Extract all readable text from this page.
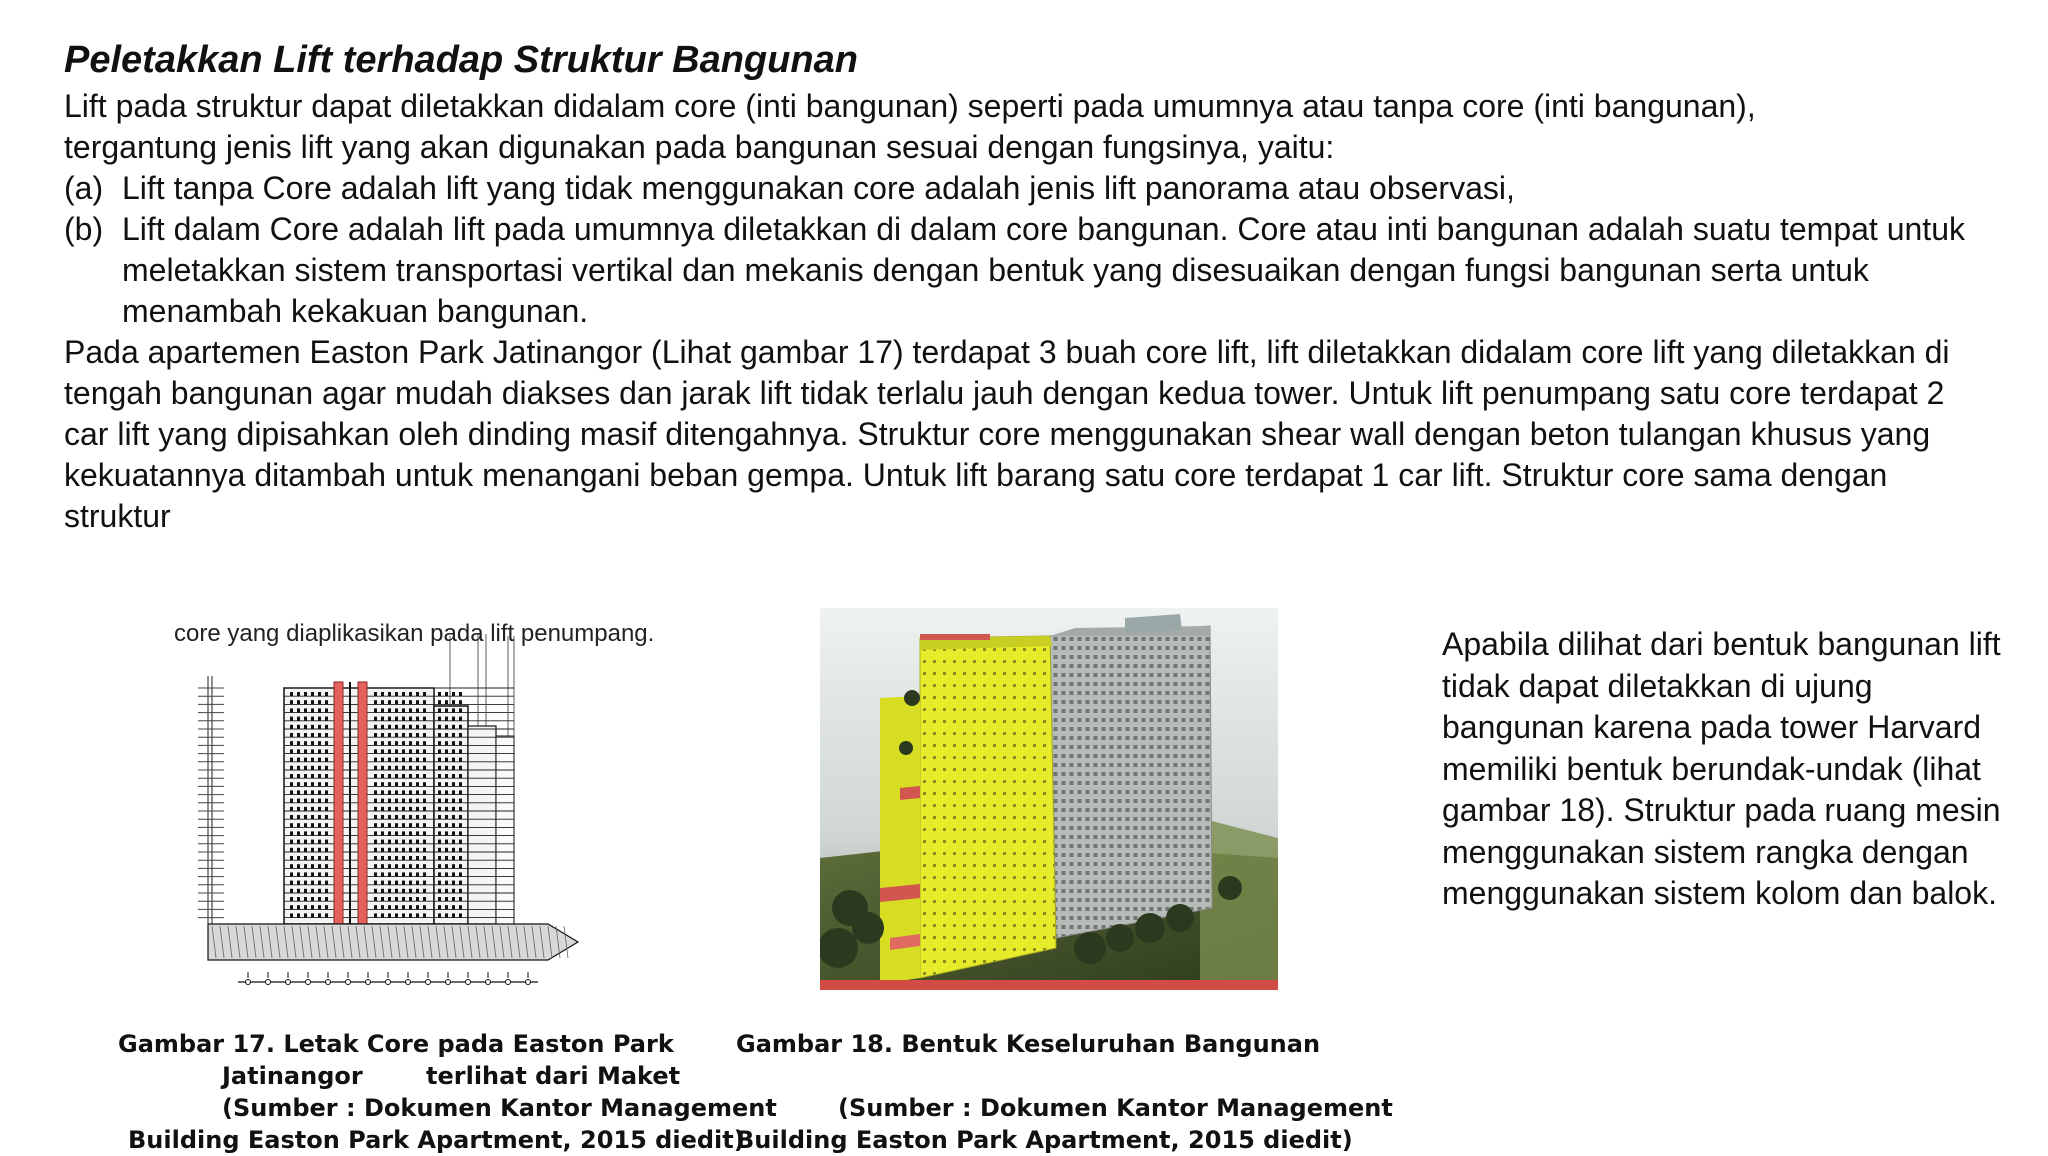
Peletakkan Lift terhadap Struktur Bangunan

Lift pada struktur dapat diletakkan didalam core (inti bangunan) seperti pada umumnya atau tanpa core (inti bangunan),

tergantung jenis lift yang akan digunakan pada bangunan sesuai dengan fungsinya, yaitu:

(a) Lift tanpa Core adalah lift yang tidak menggunakan core adalah jenis lift panorama atau observasi,
(b) Lift dalam Core adalah lift pada umumnya diletakkan di dalam core bangunan. Core atau inti bangunan adalah suatu tempat untuk meletakkan sistem transportasi vertikal dan mekanis dengan bentuk yang disesuaikan dengan fungsi bangunan serta untuk menambah kekakuan bangunan.

Pada apartemen Easton Park Jatinangor (Lihat gambar 17) terdapat 3 buah core lift, lift diletakkan didalam core lift yang diletakkan di tengah bangunan agar mudah diakses dan jarak lift tidak terlalu jauh dengan kedua tower. Untuk lift penumpang satu core terdapat 2

car lift yang dipisahkan oleh dinding masif ditengahnya. Struktur core menggunakan shear wall dengan beton tulangan khusus yang kekuatannya ditambah untuk menangani beban gempa. Untuk lift barang satu core terdapat 1 car lift. Struktur core sama dengan struktur

core yang diaplikasikan pada lift penumpang.	Apabila dilihat dari bentuk bangunan lift tidak dapat diletakkan di ujung bangunan karena pada tower Harvard memiliki bentuk berundak-undak (lihat gambar 18). Struktur pada ruang mesin menggunakan sistem rangka dengan menggunakan sistem kolom dan balok.
Gambar 17. Letak Core pada Easton Park
Jatinangor
(Sumber : Dokumen Kantor Management
Building Easton Park Apartment, 2015 diedit)
Gambar 18. Bentuk Keseluruhan Bangunan
terlihat dari Maket
(Sumber : Dokumen Kantor Management
Building Easton Park Apartment, 2015 diedit)
